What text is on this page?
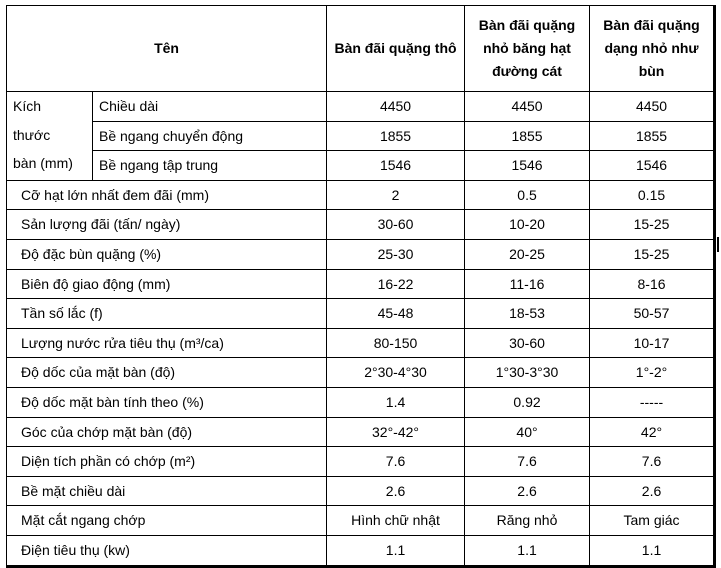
Tên		Bàn đãi quặng thô	Bàn đãi quặng nhỏ băng hạt đường cát	Bàn đãi quặng dạng nhỏ như bùn

Kích
thước
bàn (mm)	Chiều dài	4450	4450	4450
	Bề ngang chuyển động	1855	1855	1855
	Bề ngang tập trung	1546	1546	1546
Cỡ hạt lớn nhất đem đãi (mm)		2	0.5	0.15
Sản lượng đãi (tấn/ ngày)		30-60	10-20	15-25
Độ đặc bùn quặng (%)		25-30	20-25	15-25
Biên độ giao động (mm)		16-22	11-16	8-16
Tần số lắc (f)		45-48	18-53	50-57
Lượng nước rửa tiêu thụ (m³/ca)		80-150	30-60	10-17
Độ dốc của mặt bàn (độ)		2°30-4°30	1°30-3°30	1°-2°
Độ dốc mặt bàn tính theo (%)		1.4	0.92	-----
Góc của chớp mặt bàn (độ)		32°-42°	40°	42°
Diện tích phần có chớp (m²)		7.6	7.6	7.6
Bề mặt chiều dài		2.6	2.6	2.6
Mặt cắt ngang chớp		Hình chữ nhật	Răng nhỏ	Tam giác
Điện tiêu thụ (kw)		1.1	1.1	1.1
